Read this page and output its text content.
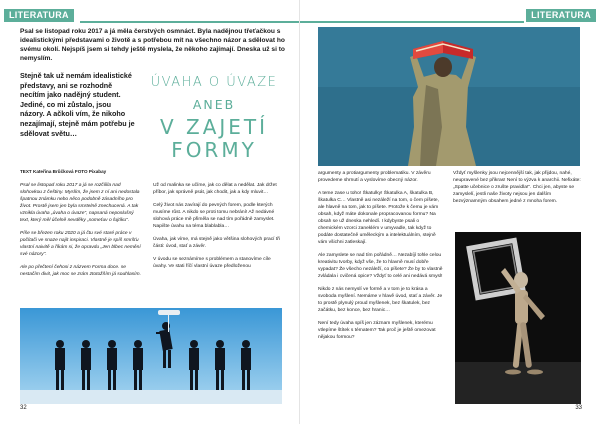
LITERATURA
Psal se listopad roku 2017 a já měla čerstvých osmnáct. Byla nadějnou třeťačkou s idealistickými představami o životě a s potřebou mít na všechno názor a sdělovat ho svému okolí. Nejspíš jsem si tehdy ještě myslela, že někoho zajímají. Dneska už si to nemyslím.
Stejně tak už nemám idealistické představy, ani se rozhodně necítím jako nadějný student. Jediné, co mi zůstalo, jsou názory. A ačkoli vím, že nikoho nezajímají, stejně mám potřebu je sdělovat světu…
ÚVAHA O ÚVAZE
ANEB
V ZAJETÍ
FORMY
TEXT Kateřina Brůčková FOTO Pixabay

Psal se listopad roku 2017 a já se rozčílila nad slohovkou z češtiny. Myslím, že jsem z ní ani nedostala špatnou známku nebo něco podobně zásadního pro život. Prostě jsem jen byla smrtelně znechucená. A tak vznikla úvaha „úvaha o úvaze", napsaná neposlušný text, který měl účelně nevděky „someťuv o fujtíku".

Píše se březen roku 2020 a já čtu své staré práce v počítači ve snaze najít inspiraci. Vlastně je spíš smršťu vlastní naivitě a říkám si, že opravdu „Jen blbec nemění své názory".

Ale po přečtení čehosi z názvem Forma doce. se nestačím divit, jak moc se zrám ztotožňím já souhlasím.

Už od malinka se učíme, jak co dělat a nedělat. Jak držet příbor, jak správně psát, jak chodit, jak a kdy mluvit…

Celý život nás zavírají do pevných forem, podle kterých musíme růst. A nikdo se proti tomu nebrání! Až nedávné slohová práce mě přiměla se nad tím pořádně zamyslet. Napište úvahu na téma blablabla…

Úvaha, jak víme, má stejně jako většina slohových prací tři části: úvod, stať a závěr.

V úvodu se seznámíme s problémem a stanovíme cíle úvahy. Ve stati říčí vlastní úvaze předloženou

32
LITERATURA

argumenty a protiargumenty problematiku. V závěru provedeme shrnutí a vyslovíme obecný názor.

A teme zase u toho! Škatulky! Škatulka A, škatulka B, škatulka C… Vlastně asi nezáleží na tom, o čem píšete, ale hlavně na tom, jak to píšete. Protože k čemu je vám obsah, když máte dokonale propracovanou formu? Na obsah se už dneska nehledí. I kdybyste psali o chemickém vzorci zaneklém v umyvadle, tak když to podáte dostatečně uměleckým a intelektuálním, stejně vám všichni zatleskají.

Ale zamyslete se nad tím pořádně… Nezabíjí tohle celou kreativitu tvorby, když vše, že to hlavně musí dobře vypadat? Že všecho nezáleží, co píšete? Že by to vlastně zvládala i cvičená opice? Vždyť to celé ani nedává smysl!

Nikdo z nás nemyslí ve formě a v tom je to krása a svoboda myšlení. Nemáme v hlavě úvod, stať a závěr. Je to prostě plynulý proud myšlenek, bez škatulek, bez začátku, bez konce, bez hranic…

Není tedy úvaha spíš jen záznam myšlenek, kterému vtlepíme štítek s tématem? Tak proč je ještě omezovat nějakou formou?

Vždyť myšlenky jsou nejcennější tak, jak přijdou, nahé, neupravené bez přikras! Není to výzva k anarchii. Nefixáte: „Spatte učebnice o zrušte pravidla!". Chci jen, abyste se zamyslelí, jestli naše životy nejsou jen dalším bezvýznamným obsahem jedné z mnoha forem.

33
